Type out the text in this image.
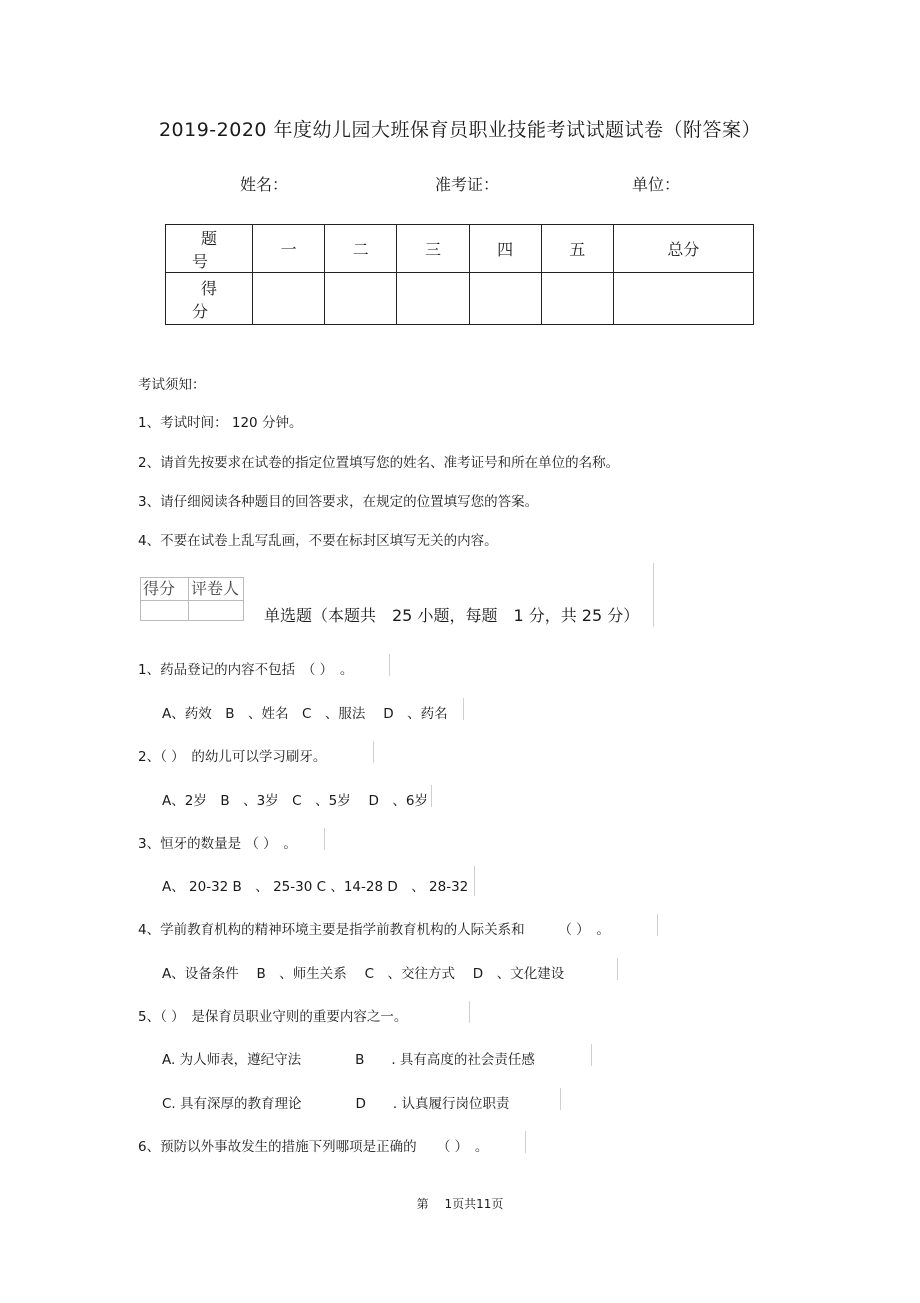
2019-2020 年度幼儿园大班保育员职业技能考试试题试卷（附答案）
姓名：	准考证：	单位：
题　号	一	二	三	四	五	总分
得　分						
考试须知：
1、考试时间： 120 分钟。
2、请首先按要求在试卷的指定位置填写您的姓名、准考证号和所在单位的名称。
3、请仔细阅读各种题目的回答要求，在规定的位置填写您的答案。
4、不要在试卷上乱写乱画，不要在标封区填写无关的内容。
得分 评卷人
单选题（本题共　25 小题，每题　1 分，共 25 分）
1、药品登记的内容不包括　（ ）　。
A、药效　B　、姓名　C　、服法　 D　、药名
2、（ ）　的幼儿可以学习刷牙。
A、2岁　B　、3岁　C　、5岁　 D　、6岁
3、恒牙的数量是 （ ）　。
A、 20-32 B　、 25-30 C 、14-28 D　、 28-32
4、学前教育机构的精神环境主要是指学前教育机构的人际关系和　　　（ ）　。
A、设备条件　 B　、师生关系　 C　、交往方式　 D　、文化建设
5、（ ）　是保育员职业守则的重要内容之一。
A. 为人师表，遵纪守法　　　　B　　. 具有高度的社会责任感
C. 具有深厚的教育理论　　　　D　　. 认真履行岗位职责
6、预防以外事故发生的措施下列哪项是正确的　　（ ）　。
第　 1页共11页
